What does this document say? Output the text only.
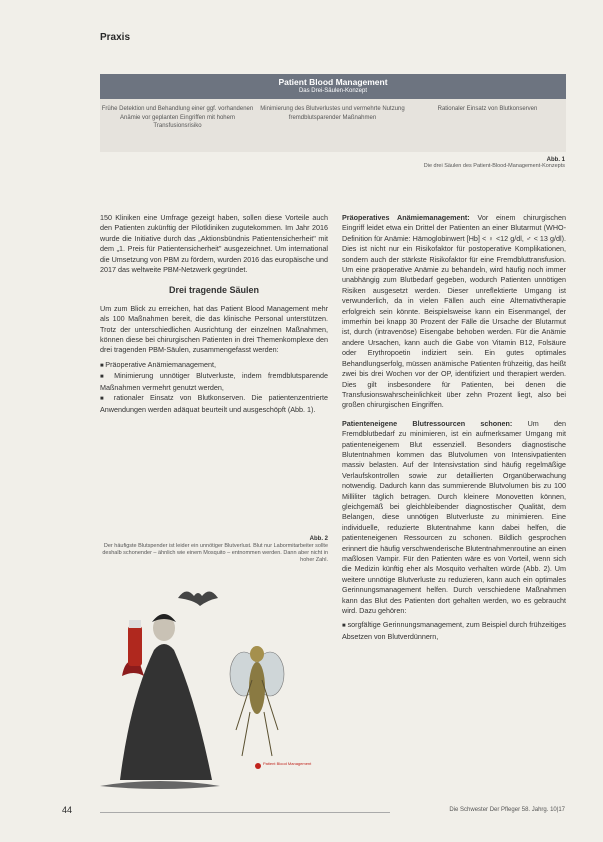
Praxis
Patient Blood Management
Das Drei-Säulen-Konzept
Frühe Detektion und Behandlung einer ggf. vorhandenen Anämie vor geplanten Eingriffen mit hohem Transfusionsrisiko
Minimierung des Blutverlustes und vermehrte Nutzung fremdblutsparender Maßnahmen
Rationaler Einsatz von Blutkonserven
Abb. 1
Die drei Säulen des Patient-Blood-Management-Konzepts

150 Kliniken eine Umfrage gezeigt haben, sollen diese Vorteile auch den Patienten zukünftig der Pilotkliniken zugutekommen. Im Jahr 2016 wurde die Initiative durch das „Aktionsbündnis Patientensicherheit" mit dem „1. Preis für Patientensicherheit" ausgezeichnet. Um international die Umsetzung von PBM zu fördern, wurden 2016 das europäische und 2017 das weltweite PBM-Netzwerk gegründet.

Drei tragende Säulen

Um zum Blick zu erreichen, hat das Patient Blood Management mehr als 100 Maßnahmen bereit, die das klinische Personal unterstützen. Trotz der unterschiedlichen Ausrichtung der einzelnen Maßnahmen, können diese bei chirurgischen Patienten in drei Themenkomplexe den drei tragenden PBM-Säulen, zusammengefasst werden:

■ Präoperative Anämiemanagement,
■ Minimierung unnötiger Blutverluste, indem fremdblutsparende Maßnahmen vermehrt genutzt werden,
■ rationaler Einsatz von Blutkonserven. Die patientenzentrierte Anwendungen werden adäquat beurteilt und ausgeschöpft (Abb. 1).
Abb. 2
Der häufigste Blutspender ist leider ein unnötiger Blutverlust. Blut nur Labormitarbeiter sollte deshalb schonender – ähnlich wie einem Mosquito – entnommen werden. Dann aber nicht in hoher Zahl.
Patient Blood Management

Präoperatives Anämiemanagement: Vor einem chirurgischen Eingriff leidet etwa ein Drittel der Patienten an einer Blutarmut (WHO-Definition für Anämie: Hämoglobinwert [Hb] < ♀ <12 g/dl, ♂ < 13 g/dl). Dies ist nicht nur ein Risikofaktor für postoperative Komplikationen, sondern auch der stärkste Risikofaktor für eine Fremdbluttransfusion. Um eine präoperative Anämie zu behandeln, wird häufig noch immer unabhängig zum Blutbedarf gegeben, wodurch Patienten unnötigen Risiken ausgesetzt werden. Dieser unreflektierte Umgang ist verwunderlich, da in vielen Fällen auch eine Alternativtherapie erfolgreich sein könnte. Beispielsweise kann ein Eisenmangel, der immerhin bei knapp 30 Prozent der Fälle die Ursache der Blutarmut ist, durch (intravenöse) Eisengabe behoben werden. Für die Anämie andere Ursachen, kann auch die Gabe von Vitamin B12, Folsäure oder Erythropoetin indiziert sein. Ein gutes optimales Behandlungserfolg, müssen anämische Patienten frühzeitig, das heißt zwei bis drei Wochen vor der OP, identifiziert und therapiert werden. Dies gilt insbesondere für Patienten, bei denen die Transfusionswahrscheinlichkeit über zehn Prozent liegt, also bei großen chirurgischen Eingriffen.

Patienteneigene Blutressourcen schonen: Um den Fremdblutbedarf zu minimieren, ist ein aufmerksamer Umgang mit patienteneigenem Blut essenziell. Besonders diagnostische Blutentnahmen kommen das Blutvolumen von Intensivpatienten massiv belasten. Auf der Intensivstation sind häufig regelmäßige Verlaufskontrollen sowie zur detaillierten Organüberwachung notwendig. Dadurch kann das summierende Blutvolumen bis zu 100 Milliliter täglich betragen. Durch kleinere Monovetten können, gleichgemäß bei gleichbleibender diagnostischer Qualität, dem Belangen, diese unnötigen Blutverluste zu minimieren. Eine individuelle, reduzierte Blutentnahme kann dabei helfen, die patienteneigenen Ressourcen zu schonen. Bildlich gesprochen erinnert die häufig verschwenderische Blutentnahmenroutine an einen maßlosen Vampir. Für den Patienten wäre es von Vorteil, wenn sich die Medizin künftig eher als Mosquito verhalten würde (Abb. 2). Um weitere unnötige Blutverluste zu reduzieren, kann auch ein optimales Gerinnungsmanagement helfen. Durch verschiedene Maßnahmen kann das Blut des Patienten dort gehalten werden, wo es gebraucht wird. Dazu gehören:

■ sorgfältige Gerinnungsmanagement, zum Beispiel durch frühzeitiges Absetzen von Blutverdünnern,
44	Die Schwester Der Pfleger 58. Jahrg. 10|17
